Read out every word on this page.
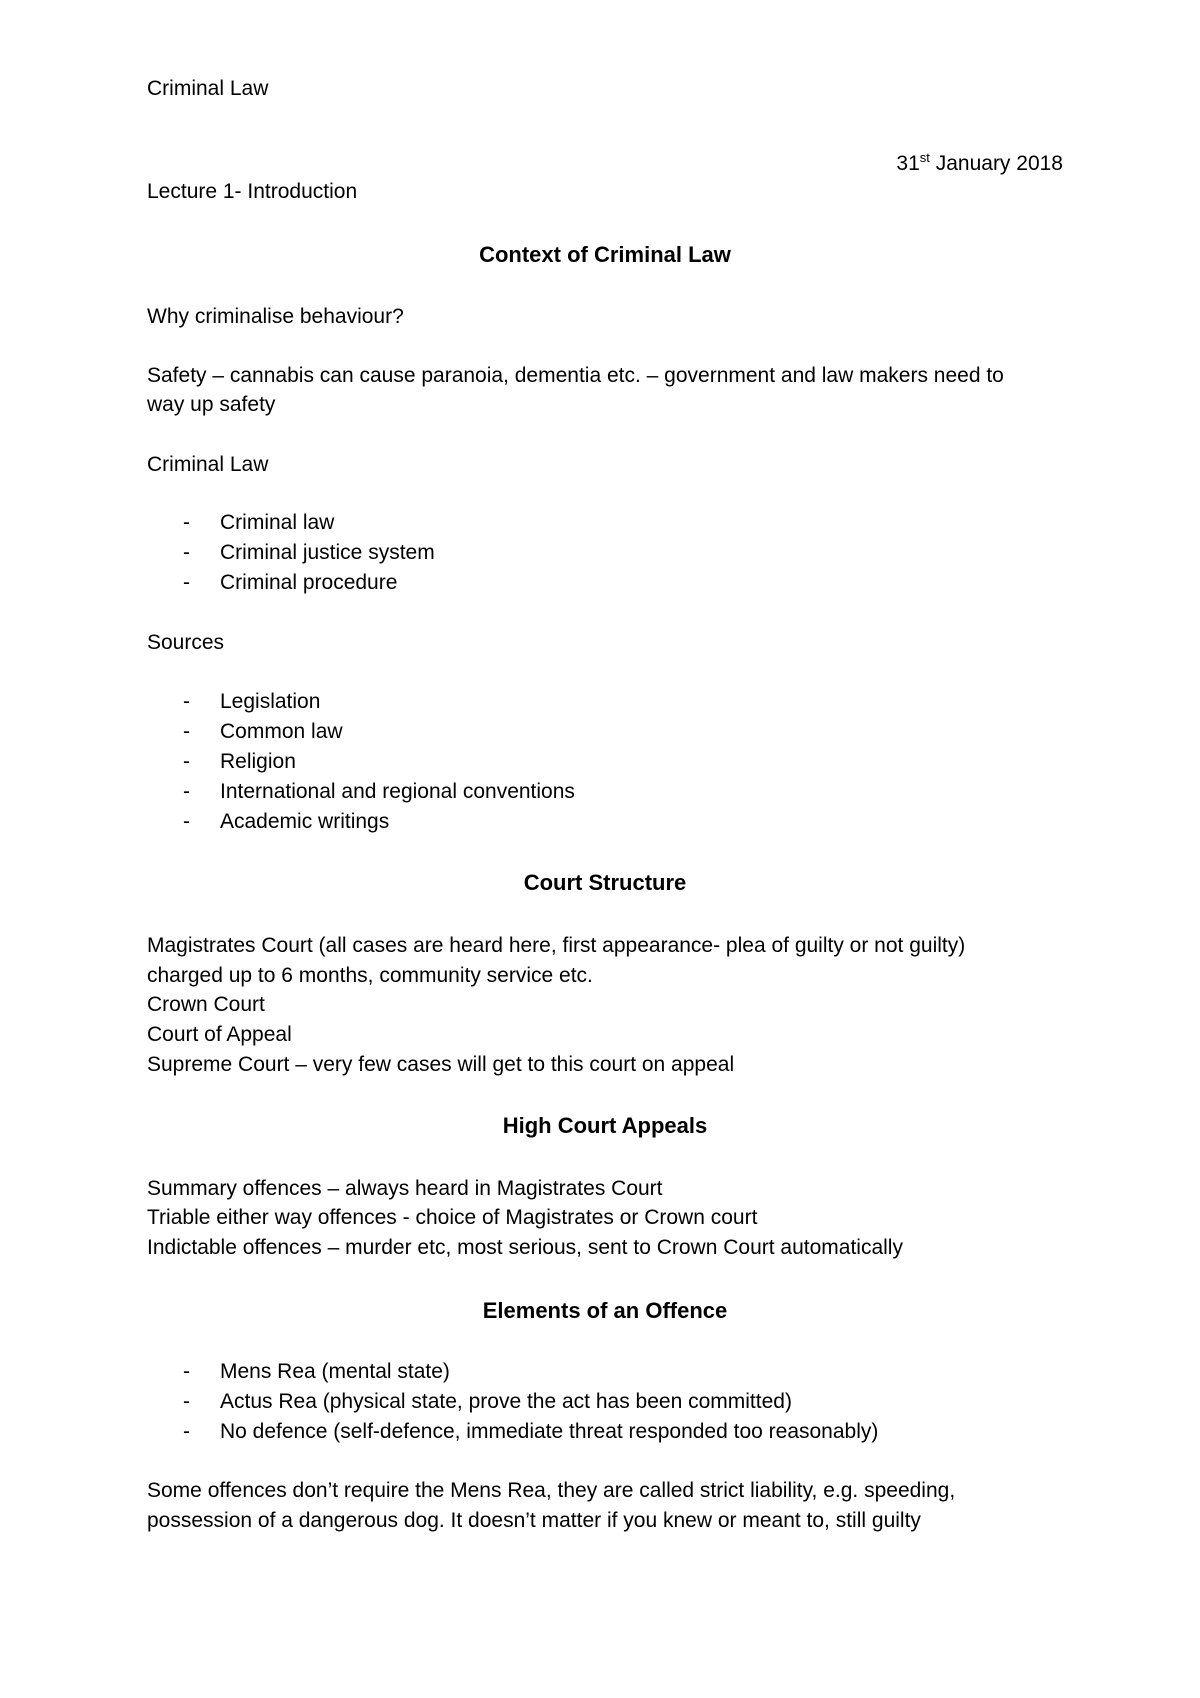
Criminal Law
31st January 2018
Lecture 1- Introduction
Context of Criminal Law
Why criminalise behaviour?
Safety – cannabis can cause paranoia, dementia etc. – government and law makers need to
way up safety
Criminal Law
- Criminal law
- Criminal justice system
- Criminal procedure
Sources
- Legislation
- Common law
- Religion
- International and regional conventions
- Academic writings
Court Structure
Magistrates Court (all cases are heard here, first appearance- plea of guilty or not guilty)
charged up to 6 months, community service etc.
Crown Court
Court of Appeal
Supreme Court – very few cases will get to this court on appeal
High Court Appeals
Summary offences – always heard in Magistrates Court
Triable either way offences - choice of Magistrates or Crown court
Indictable offences – murder etc, most serious, sent to Crown Court automatically
Elements of an Offence
- Mens Rea (mental state)
- Actus Rea (physical state, prove the act has been committed)
- No defence (self-defence, immediate threat responded too reasonably)
Some offences don’t require the Mens Rea, they are called strict liability, e.g. speeding,
possession of a dangerous dog. It doesn’t matter if you knew or meant to, still guilty
